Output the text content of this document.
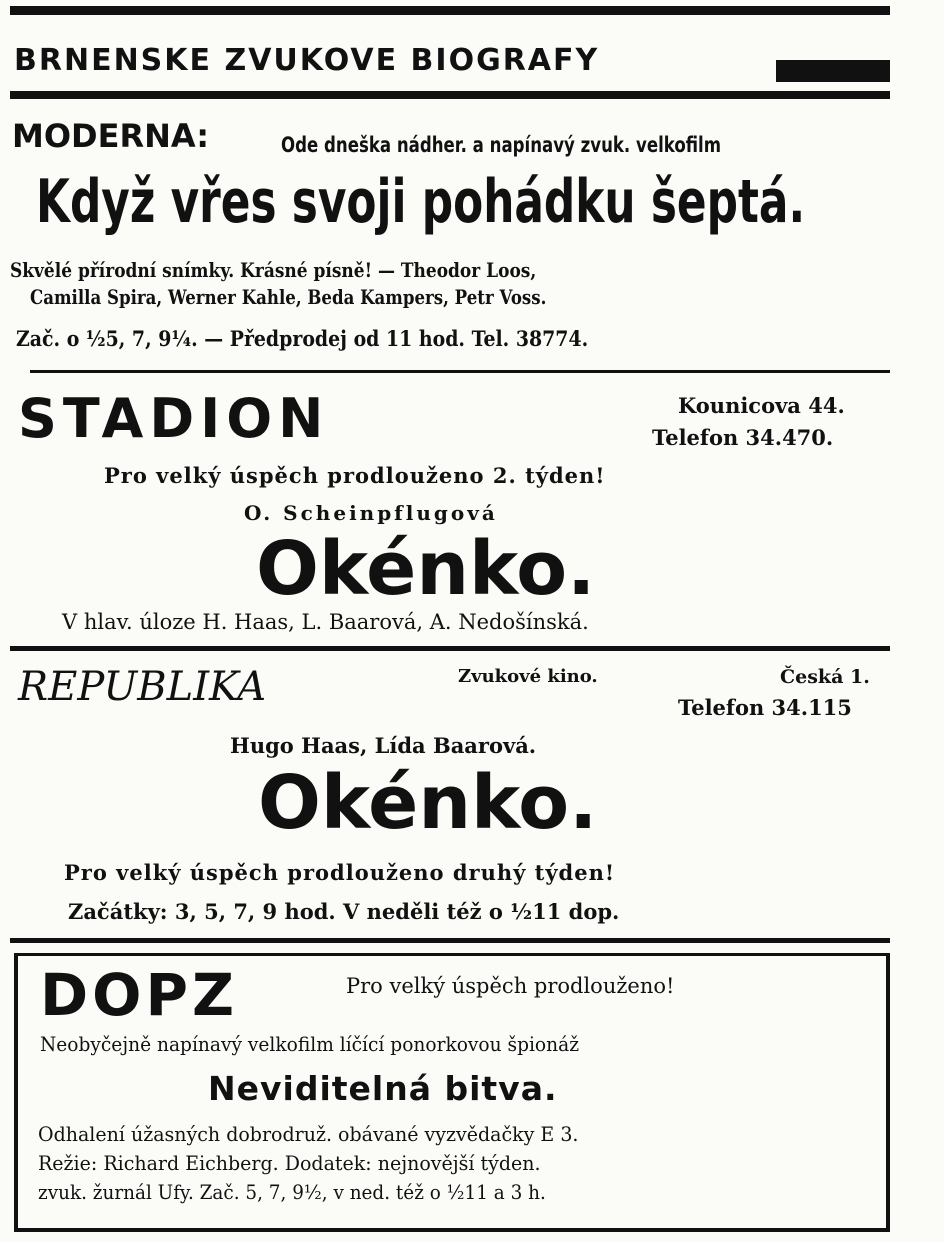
BRNENSKE ZVUKOVE BIOGRAFY
MODERNA:	Ode dneška nádher. a napínavý zvuk. velkofilm
Když vřes svoji pohádku šeptá.
Skvělé přírodní snímky. Krásné písně! — Theodor Loos,
Camilla Spira, Werner Kahle, Beda Kampers, Petr Voss.
Zač. o ½5, 7, 9¼. — Předprodej od 11 hod. Tel. 38774.
STADION	Kounicova 44.
Telefon 34.470.
Pro velký úspěch prodlouženo 2. týden!
O. Scheinpflugová
Okénko.
V hlav. úloze H. Haas, L. Baarová, A. Nedošínská.
REPUBLIKA	Zvukové kino.	Česká 1.
Telefon 34.115
Hugo Haas, Lída Baarová.
Okénko.
Pro velký úspěch prodlouženo druhý týden!
Začátky: 3, 5, 7, 9 hod. V neděli též o ½11 dop.
DOPZ	Pro velký úspěch prodlouženo!
Neobyčejně napínavý velkofilm líčící ponorkovou špionáž
Neviditelná bitva.
Odhalení úžasných dobrodruž. obávané vyzvědačky E 3.
Režie: Richard Eichberg. Dodatek: nejnovější týden.
zvuk. žurnál Ufy. Zač. 5, 7, 9½, v ned. též o ½11 a 3 h.
